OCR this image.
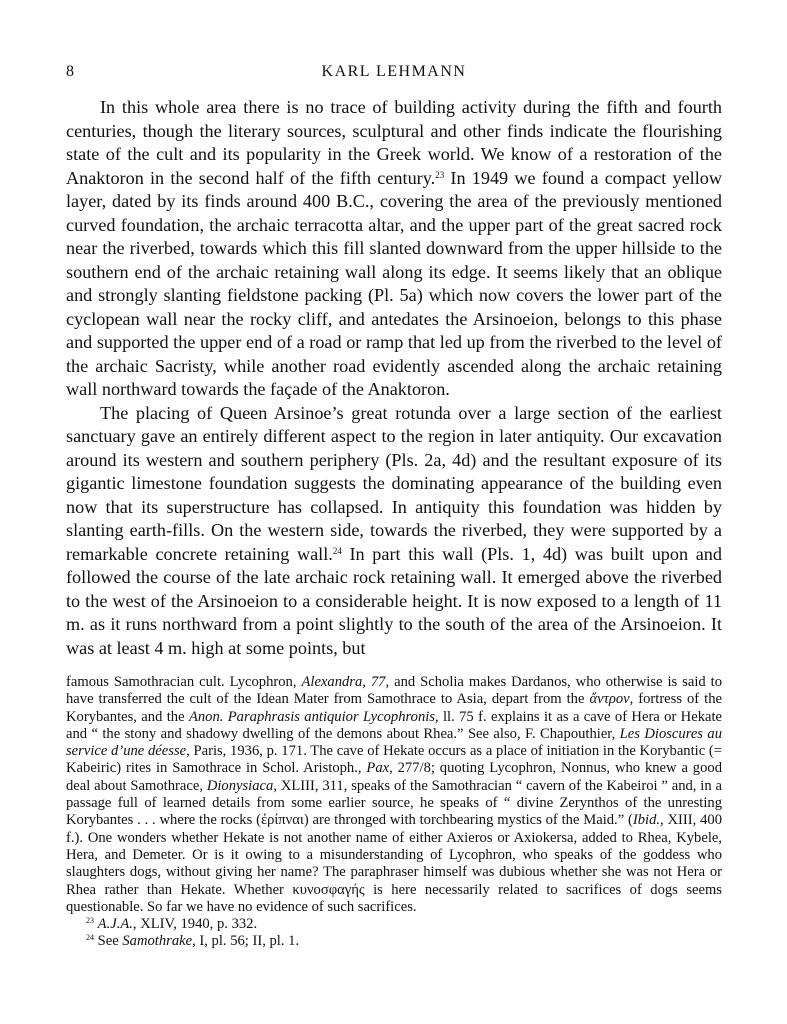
8	KARL LEHMANN

In this whole area there is no trace of building activity during the fifth and fourth centuries, though the literary sources, sculptural and other finds indicate the flourishing state of the cult and its popularity in the Greek world. We know of a restoration of the Anaktoron in the second half of the fifth century.$^{23}$ In 1949 we found a compact yellow layer, dated by its finds around 400 B.C., covering the area of the previously mentioned curved foundation, the archaic terracotta altar, and the upper part of the great sacred rock near the riverbed, towards which this fill slanted downward from the upper hillside to the southern end of the archaic retaining wall along its edge. It seems likely that an oblique and strongly slanting fieldstone packing (Pl. 5a) which now covers the lower part of the cyclopean wall near the rocky cliff, and antedates the Arsinoeion, belongs to this phase and supported the upper end of a road or ramp that led up from the riverbed to the level of the archaic Sacristy, while another road evidently ascended along the archaic retaining wall northward towards the façade of the Anaktoron.

The placing of Queen Arsinoe’s great rotunda over a large section of the earliest sanctuary gave an entirely different aspect to the region in later antiquity. Our excavation around its western and southern periphery (Pls. 2a, 4d) and the resultant exposure of its gigantic limestone foundation suggests the dominating appearance of the building even now that its superstructure has collapsed. In antiquity this foundation was hidden by slanting earth-fills. On the western side, towards the riverbed, they were supported by a remarkable concrete retaining wall.$^{24}$ In part this wall (Pls. 1, 4d) was built upon and followed the course of the late archaic rock retaining wall. It emerged above the riverbed to the west of the Arsinoeion to a considerable height. It is now exposed to a length of 11 m. as it runs northward from a point slightly to the south of the area of the Arsinoeion. It was at least 4 m. high at some points, but

famous Samothracian cult. Lycophron, Alexandra, 77, and Scholia makes Dardanos, who otherwise is said to have transferred the cult of the Idean Mater from Samothrace to Asia, depart from the ἄντρον, fortress of the Korybantes, and the Anon. Paraphrasis antiquior Lycophronis, ll. 75 f. explains it as a cave of Hera or Hekate and “ the stony and shadowy dwelling of the demons about Rhea.” See also, F. Chapouthier, Les Dioscures au service d’une déesse, Paris, 1936, p. 171. The cave of Hekate occurs as a place of initiation in the Korybantic (= Kabeiric) rites in Samothrace in Schol. Aristoph., Pax, 277/8; quoting Lycophron, Nonnus, who knew a good deal about Samothrace, Dionysiaca, XLIII, 311, speaks of the Samothracian “ cavern of the Kabeiroi ” and, in a passage full of learned details from some earlier source, he speaks of “ divine Zerynthos of the unresting Korybantes . . . where the rocks (ἐρίπναι) are thronged with torchbearing mystics of the Maid.” (Ibid., XIII, 400 f.). One wonders whether Hekate is not another name of either Axieros or Axiokersa, added to Rhea, Kybele, Hera, and Demeter. Or is it owing to a misunderstanding of Lycophron, who speaks of the goddess who slaughters dogs, without giving her name? The paraphraser himself was dubious whether she was not Hera or Rhea rather than Hekate. Whether κυνοσφαγής is here necessarily related to sacrifices of dogs seems questionable. So far we have no evidence of such sacrifices.

$^{23}$ A.J.A., XLIV, 1940, p. 332.

$^{24}$ See Samothrake, I, pl. 56; II, pl. 1.
